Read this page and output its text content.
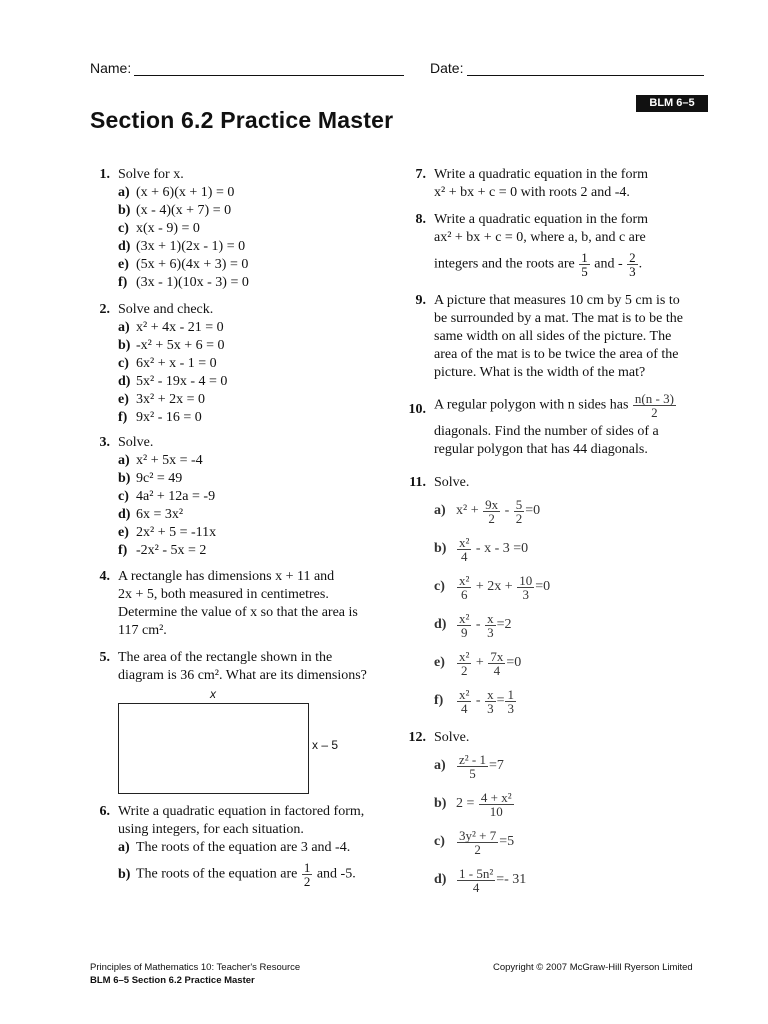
Name:	Date:
BLM 6–5
Section 6.2 Practice Master
1. Solve for x.
a) (x + 6)(x + 1) = 0
b) (x - 4)(x + 7) = 0
c) x(x - 9) = 0
d) (3x + 1)(2x - 1) = 0
e) (5x + 6)(4x + 3) = 0
f) (3x - 1)(10x - 3) = 0
2. Solve and check.
a) x² + 4x - 21 = 0
b) -x² + 5x + 6 = 0
c) 6x² + x - 1 = 0
d) 5x² - 19x - 4 = 0
e) 3x² + 2x = 0
f) 9x² - 16 = 0
3. Solve.
a) x² + 5x = -4
b) 9c² = 49
c) 4a² + 12a = -9
d) 6x = 3x²
e) 2x² + 5 = -11x
f) -2x² - 5x = 2
4. A rectangle has dimensions x + 11 and
2x + 5, both measured in centimetres.
Determine the value of x so that the area is
117 cm².
5. The area of the rectangle shown in the
diagram is 36 cm². What are its dimensions?
x
x – 5
6. Write a quadratic equation in factored form,
using integers, for each situation.
a) The roots of the equation are 3 and -4.
b) The roots of the equation are $\frac{1}{2}$ and -5.
7. Write a quadratic equation in the form
x² + bx + c = 0 with roots 2 and -4.
8. Write a quadratic equation in the form
ax² + bx + c = 0, where a, b, and c are
integers and the roots are $\frac{1}{5}$ and - $\frac{2}{3}$ .
9. A picture that measures 10 cm by 5 cm is to
be surrounded by a mat. The mat is to be the
same width on all sides of the picture. The
area of the mat is to be twice the area of the
picture. What is the width of the mat?
10. A regular polygon with n sides has $\frac{n(n - 3)}{2}$
diagonals. Find the number of sides of a
regular polygon that has 44 diagonals.
11. Solve.
a) x² +
$\frac{9x}{2}$
-
$\frac{5}{2} =0$
$b) \frac{\text{x²}}{4}$
- x - 3 =0
$c) \frac{\text{x²}}{6}$
+ 2x +
$\frac{10}{3} =0$
$d) \frac{\text{x²}}{9}$
-
$\frac{x}{3} =2$
$e) \frac{\text{x²}}{2}$
+
$\frac{7x}{4} =0$
f)	$\frac{\text{x²}}{4}$
-
$\frac{x}{3} = \frac{1}{3}$
12. Solve.
$a) \frac{\text{z² - 1}}{5} =7$
b) 2 =
$\frac{\text{4 + x²}}{10}$
$c) \frac{\text{3y² + 7}}{2} =5$
$d) \frac{\text{1 - 5n²}}{4} =- 31$
Principles of Mathematics 10: Teacher's Resource
BLM 6–5 Section 6.2 Practice Master
Copyright © 2007 McGraw-Hill Ryerson Limited
